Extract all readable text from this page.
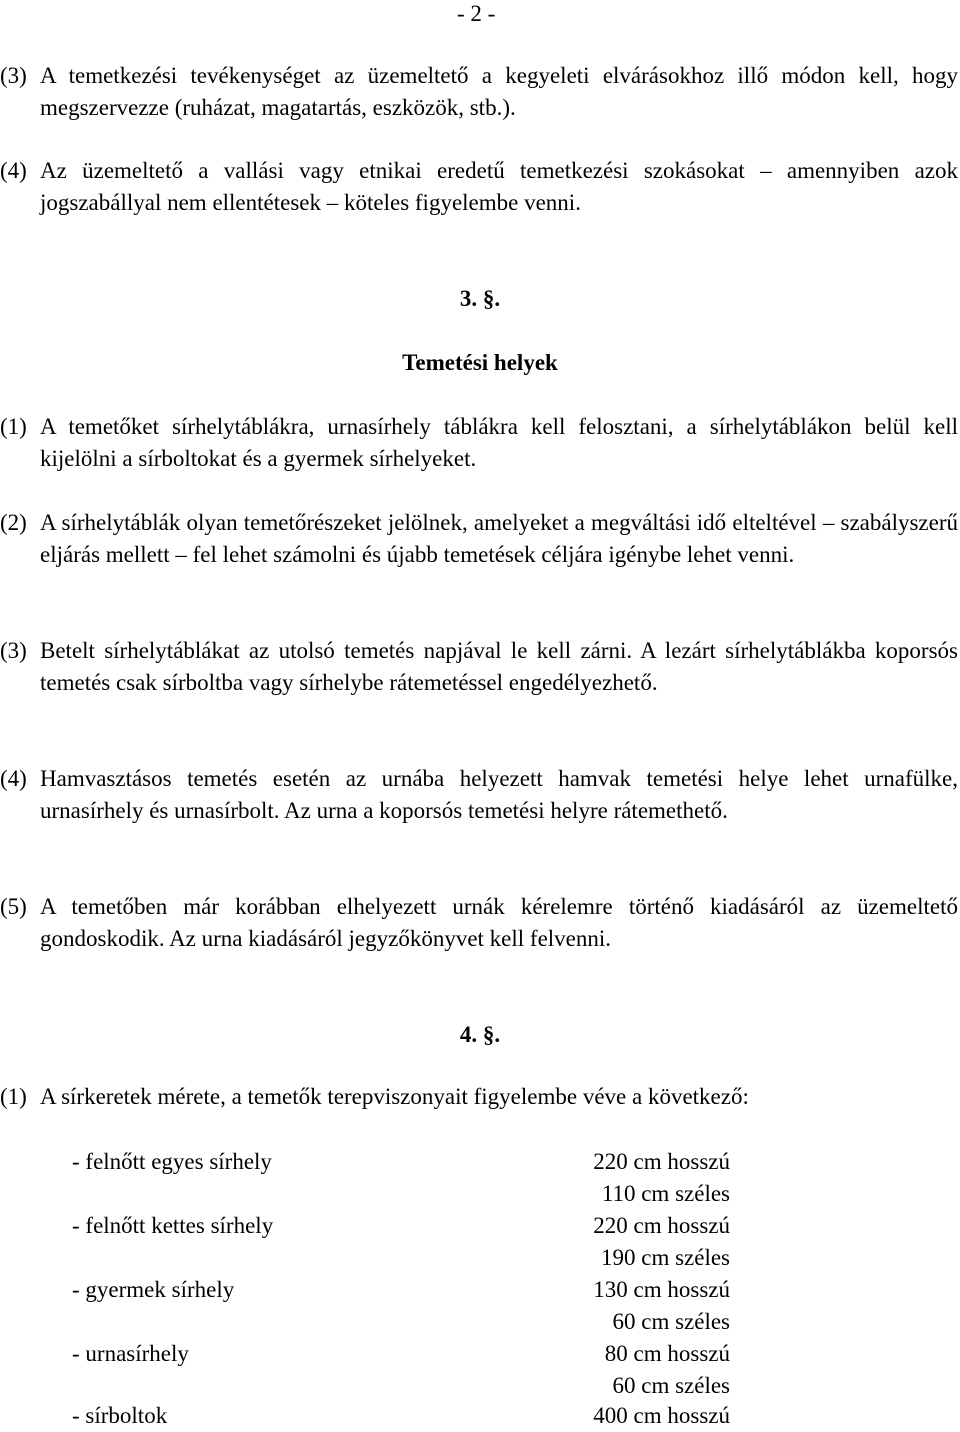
- 2 -
(3) A temetkezési tevékenységet az üzemeltető a kegyeleti elvárásokhoz illő módon kell, hogy megszervezze (ruházat, magatartás, eszközök, stb.).
(4) Az üzemeltető a vallási vagy etnikai eredetű temetkezési szokásokat – amennyiben azok jogszabállyal nem ellentétesek – köteles figyelembe venni.
3. §.
Temetési helyek
(1) A temetőket sírhelytáblákra, urnasírhely táblákra kell felosztani, a sírhelytáblákon belül kell kijelölni a sírboltokat és a gyermek sírhelyeket.
(2) A sírhelytáblák olyan temetőrészeket jelölnek, amelyeket a megváltási idő elteltével – szabályszerű eljárás mellett – fel lehet számolni és újabb temetések céljára igénybe lehet venni.
(3) Betelt sírhelytáblákat az utolsó temetés napjával le kell zárni. A lezárt sírhelytáblákba koporsós temetés csak sírboltba vagy sírhelybe rátemetéssel engedélyezhető.
(4) Hamvasztásos temetés esetén az urnába helyezett hamvak temetési helye lehet urnafülke, urnasírhely és urnasírbolt. Az urna a koporsós temetési helyre rátemethető.
(5) A temetőben már korábban elhelyezett urnák kérelemre történő kiadásáról az üzemeltető gondoskodik. Az urna kiadásáról jegyzőkönyvet kell felvenni.
4. §.
(1) A sírkeretek mérete, a temetők terepviszonyait figyelembe véve a következő:
- felnőtt egyes sírhely	220 cm hosszú
110 cm széles
- felnőtt kettes sírhely	220 cm hosszú
190 cm széles
- gyermek sírhely	130 cm hosszú
60 cm széles
- urnasírhely	80 cm hosszú
60 cm széles
- sírboltok	400 cm hosszú
